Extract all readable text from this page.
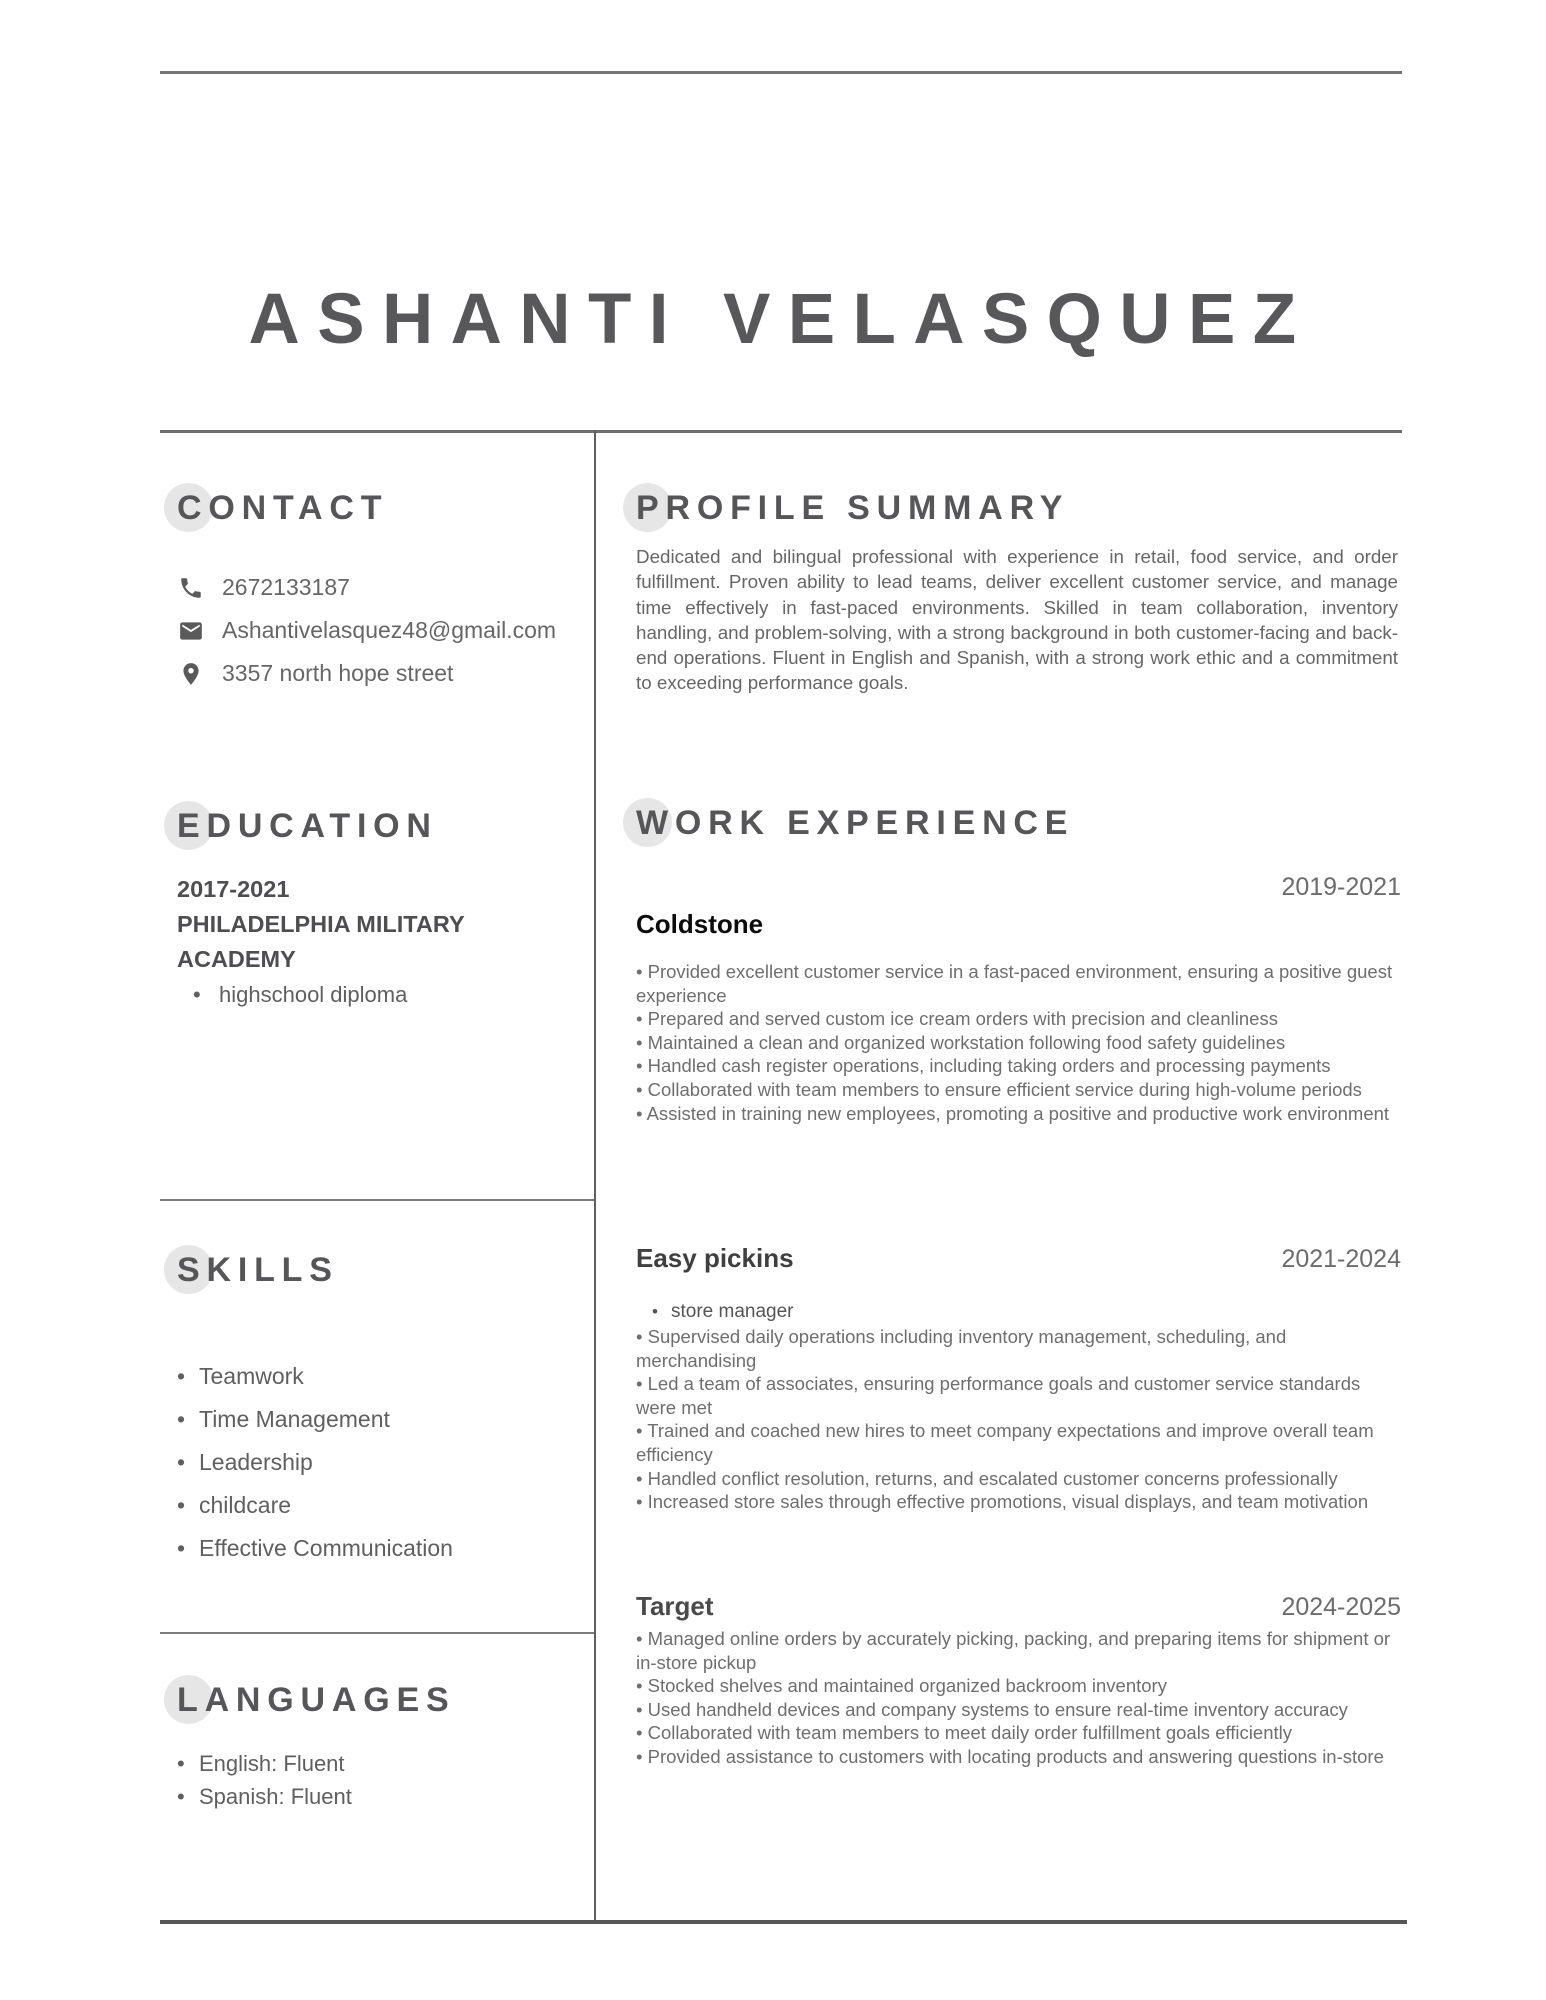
ASHANTI VELASQUEZ
CONTACT
2672133187
Ashantivelasquez48@gmail.com
3357 north hope street
EDUCATION
2017-2021
PHILADELPHIA MILITARY ACADEMY
• highschool diploma
SKILLS
• Teamwork
• Time Management
• Leadership
• childcare
• Effective Communication
LANGUAGES
• English: Fluent
• Spanish: Fluent
PROFILE SUMMARY

Dedicated and bilingual professional with experience in retail, food service, and order fulfillment. Proven ability to lead teams, deliver excellent customer service, and manage time effectively in fast-paced environments. Skilled in team collaboration, inventory handling, and problem-solving, with a strong background in both customer-facing and back-end operations. Fluent in English and Spanish, with a strong work ethic and a commitment to exceeding performance goals.

WORK EXPERIENCE
2019-2021
Coldstone

• Provided excellent customer service in a fast-paced environment, ensuring a positive guest experience

• Prepared and served custom ice cream orders with precision and cleanliness

• Maintained a clean and organized workstation following food safety guidelines

• Handled cash register operations, including taking orders and processing payments

• Collaborated with team members to ensure efficient service during high-volume periods

• Assisted in training new employees, promoting a positive and productive work environment

Easy pickins	2021-2024
• store manager

• Supervised daily operations including inventory management, scheduling, and merchandising

• Led a team of associates, ensuring performance goals and customer service standards were met

• Trained and coached new hires to meet company expectations and improve overall team efficiency

• Handled conflict resolution, returns, and escalated customer concerns professionally

• Increased store sales through effective promotions, visual displays, and team motivation

Target	2024-2025

• Managed online orders by accurately picking, packing, and preparing items for shipment or in-store pickup

• Stocked shelves and maintained organized backroom inventory

• Used handheld devices and company systems to ensure real-time inventory accuracy

• Collaborated with team members to meet daily order fulfillment goals efficiently

• Provided assistance to customers with locating products and answering questions in-store
